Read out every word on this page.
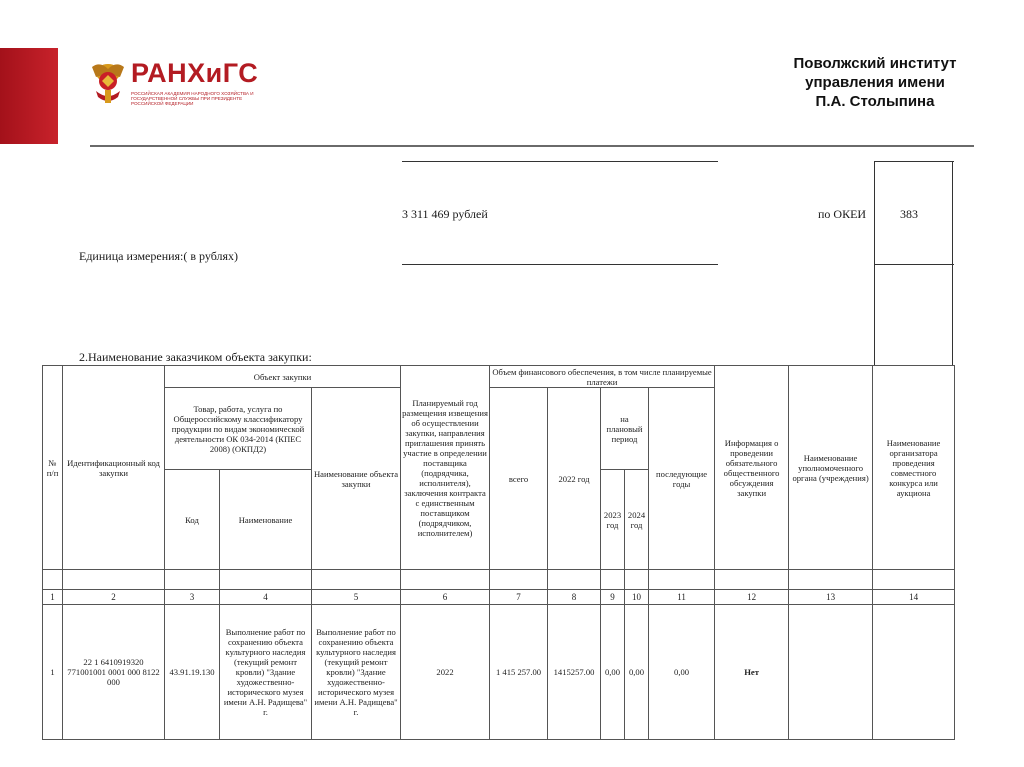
РАНХиГС
РОССИЙСКАЯ АКАДЕМИЯ НАРОДНОГО ХОЗЯЙСТВА И ГОСУДАРСТВЕННОЙ СЛУЖБЫ ПРИ ПРЕЗИДЕНТЕ РОССИЙСКОЙ ФЕДЕРАЦИИ
Поволжский институт
управления имени
П.А. Столыпина
3 311 469 рублей	по ОКЕИ	383
Единица измерения:( в рублях)
2.Наименование заказчиком объекта закупки:
№ п/п	Идентификационный код закупки	Объект закупки			Планируемый год размещения извещения об осуществлении закупки, направления приглашения принять участие в определении поставщика (подрядчика, исполнителя), заключения контракта с единственным поставщиком (подрядчиком, исполнителем)	Объем финансового обеспечения, в том числе планируемые платежи					Информация о проведении обязательного общественного обсуждения закупки	Наименование уполномоченного органа (учреждения)	Наименование организатора проведения совместного конкурса или аукциона
		Товар, работа, услуга по Общероссийскому классификатору продукции по видам экономической деятельности ОК 034-2014 (КПЕС 2008) (ОКПД2)		Наименование объекта закупки		всего	2022 год	на плановый период		последующие годы			

		Код	Наименование					2023 год	2024 год				

1	2	3	4	5	6	7	8	9	10	11	12	13	14
1	22 1 6410919320 771001001 0001 000 8122 000	43.91.19.130	Выполнение работ по сохранению объекта культурного наследия (текущий ремонт кровли) "Здание художественно-исторического музея имени А.Н. Радищева" г.	Выполнение работ по сохранению объекта культурного наследия (текущий ремонт кровли) "Здание художественно-исторического музея имени А.Н. Радищева" г.	2022	1 415 257.00	1415257.00	0,00	0,00	0,00	Нет		
